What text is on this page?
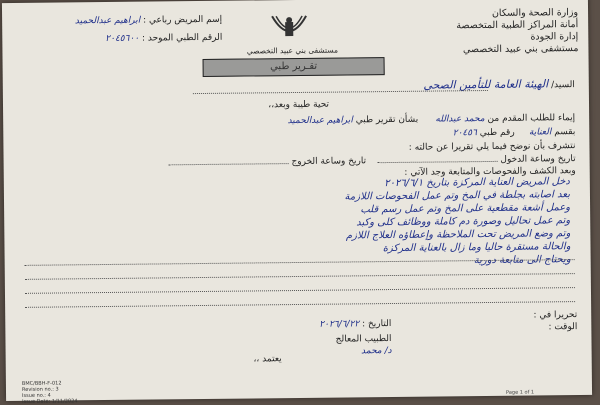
وزارة الصحة والسكان
أمانة المراكز الطبية المتخصصة
إدارة الجودة
مستشفى بني عبيد التخصصي
مستشفى بني عبيد التخصصي
إسم المريض رباعي : ابراهيم عبدالحميد
الرقم الطبي الموحد : ٢٠٤٥٦٠٠
تقـرير طبي
السيد/ الهيئة العامة للتأمين الصحي
تحية طيبة وبعد،،
إيماء للطلب المقدم من محمد عبدالله      بشأن تقرير طبي ابراهيم عبدالحميد
بقسم العناية     رقم طبي ٢٠٤٥٦
نتشرف بأن نوضح فيما يلي تقريرا عن حالته :
تاريخ وساعة الدخول     تاريخ وساعة الخروج
وبعد الكشف والفحوصات والمتابعة وجد الآتي :
دخل المريض العناية المركزة بتاريخ ٢٠٢٦/٦/١
بعد اصابته بجلطة في المخ وتم عمل الفحوصات اللازمة
وعمل أشعة مقطعية على المخ وتم عمل رسم قلب
وتم عمل تحاليل وصورة دم كاملة ووظائف كلى وكبد
وتم وضع المريض تحت الملاحظة وإعطاؤه العلاج اللازم
والحالة مستقرة حاليا وما زال بالعناية المركزة
ويحتاج الى متابعة دورية
تحريرا في :
الوقت :
التاريخ : ٢٠٢٦/٦/٢٢
الطبيب المعالج
د/ محمد
يعتمد ،،
BMC/BBH-F-012
Revision no.: 3
Issue no.: 4
Issue Date: 1/11/2024
Page 1 of 1
